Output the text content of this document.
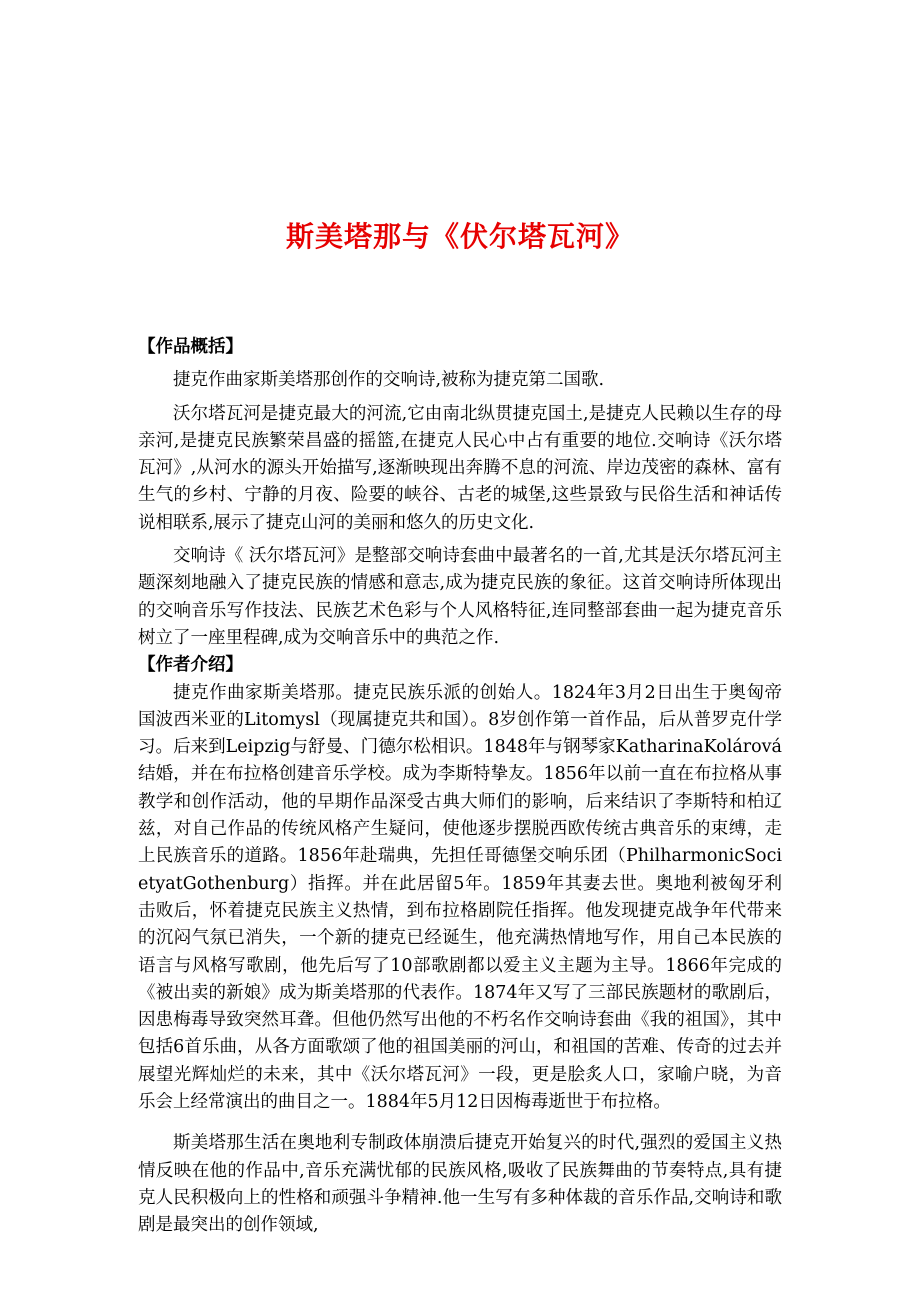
斯美塔那与《伏尔塔瓦河》

【作品概括】

捷克作曲家斯美塔那创作的交响诗,被称为捷克第二国歌.

沃尔塔瓦河是捷克最大的河流,它由南北纵贯捷克国土,是捷克人民赖以生存的母亲河,是捷克民族繁荣昌盛的摇篮,在捷克人民心中占有重要的地位.交响诗《沃尔塔瓦河》,从河水的源头开始描写,逐渐映现出奔腾不息的河流、岸边茂密的森林、富有生气的乡村、宁静的月夜、险要的峡谷、古老的城堡,这些景致与民俗生活和神话传说相联系,展示了捷克山河的美丽和悠久的历史文化.

交响诗《 沃尔塔瓦河》是整部交响诗套曲中最著名的一首,尤其是沃尔塔瓦河主题深刻地融入了捷克民族的情感和意志,成为捷克民族的象征。这首交响诗所体现出的交响音乐写作技法、民族艺术色彩与个人风格特征,连同整部套曲一起为捷克音乐树立了一座里程碑,成为交响音乐中的典范之作.

【作者介绍】

捷克作曲家斯美塔那。捷克民族乐派的创始人。1824年3月2日出生于奥匈帝国波西米亚的Litomysl（现属捷克共和国）。8岁创作第一首作品，后从普罗克什学习。后来到Leipzig与舒曼、门德尔松相识。1848年与钢琴家KatharinaKolárová结婚，并在布拉格创建音乐学校。成为李斯特挚友。1856年以前一直在布拉格从事教学和创作活动，他的早期作品深受古典大师们的影响，后来结识了李斯特和柏辽兹，对自己作品的传统风格产生疑问，使他逐步摆脱西欧传统古典音乐的束缚，走上民族音乐的道路。1856年赴瑞典，先担任哥德堡交响乐团（PhilharmonicSocietyatGothenburg）指挥。并在此居留5年。1859年其妻去世。奥地利被匈牙利击败后，怀着捷克民族主义热情，到布拉格剧院任指挥。他发现捷克战争年代带来的沉闷气氛已消失，一个新的捷克已经诞生，他充满热情地写作，用自己本民族的语言与风格写歌剧，他先后写了10部歌剧都以爱主义主题为主导。1866年完成的《被出卖的新娘》成为斯美塔那的代表作。1874年又写了三部民族题材的歌剧后，因患梅毒导致突然耳聋。但他仍然写出他的不朽名作交响诗套曲《我的祖国》，其中包括6首乐曲，从各方面歌颂了他的祖国美丽的河山，和祖国的苦难、传奇的过去并展望光辉灿烂的未来，其中《沃尔塔瓦河》一段，更是脍炙人口，家喻户晓，为音乐会上经常演出的曲目之一。1884年5月12日因梅毒逝世于布拉格。

斯美塔那生活在奥地利专制政体崩溃后捷克开始复兴的时代,强烈的爱国主义热情反映在他的作品中,音乐充满忧郁的民族风格,吸收了民族舞曲的节奏特点,具有捷克人民积极向上的性格和顽强斗争精神.他一生写有多种体裁的音乐作品,交响诗和歌剧是最突出的创作领域,
